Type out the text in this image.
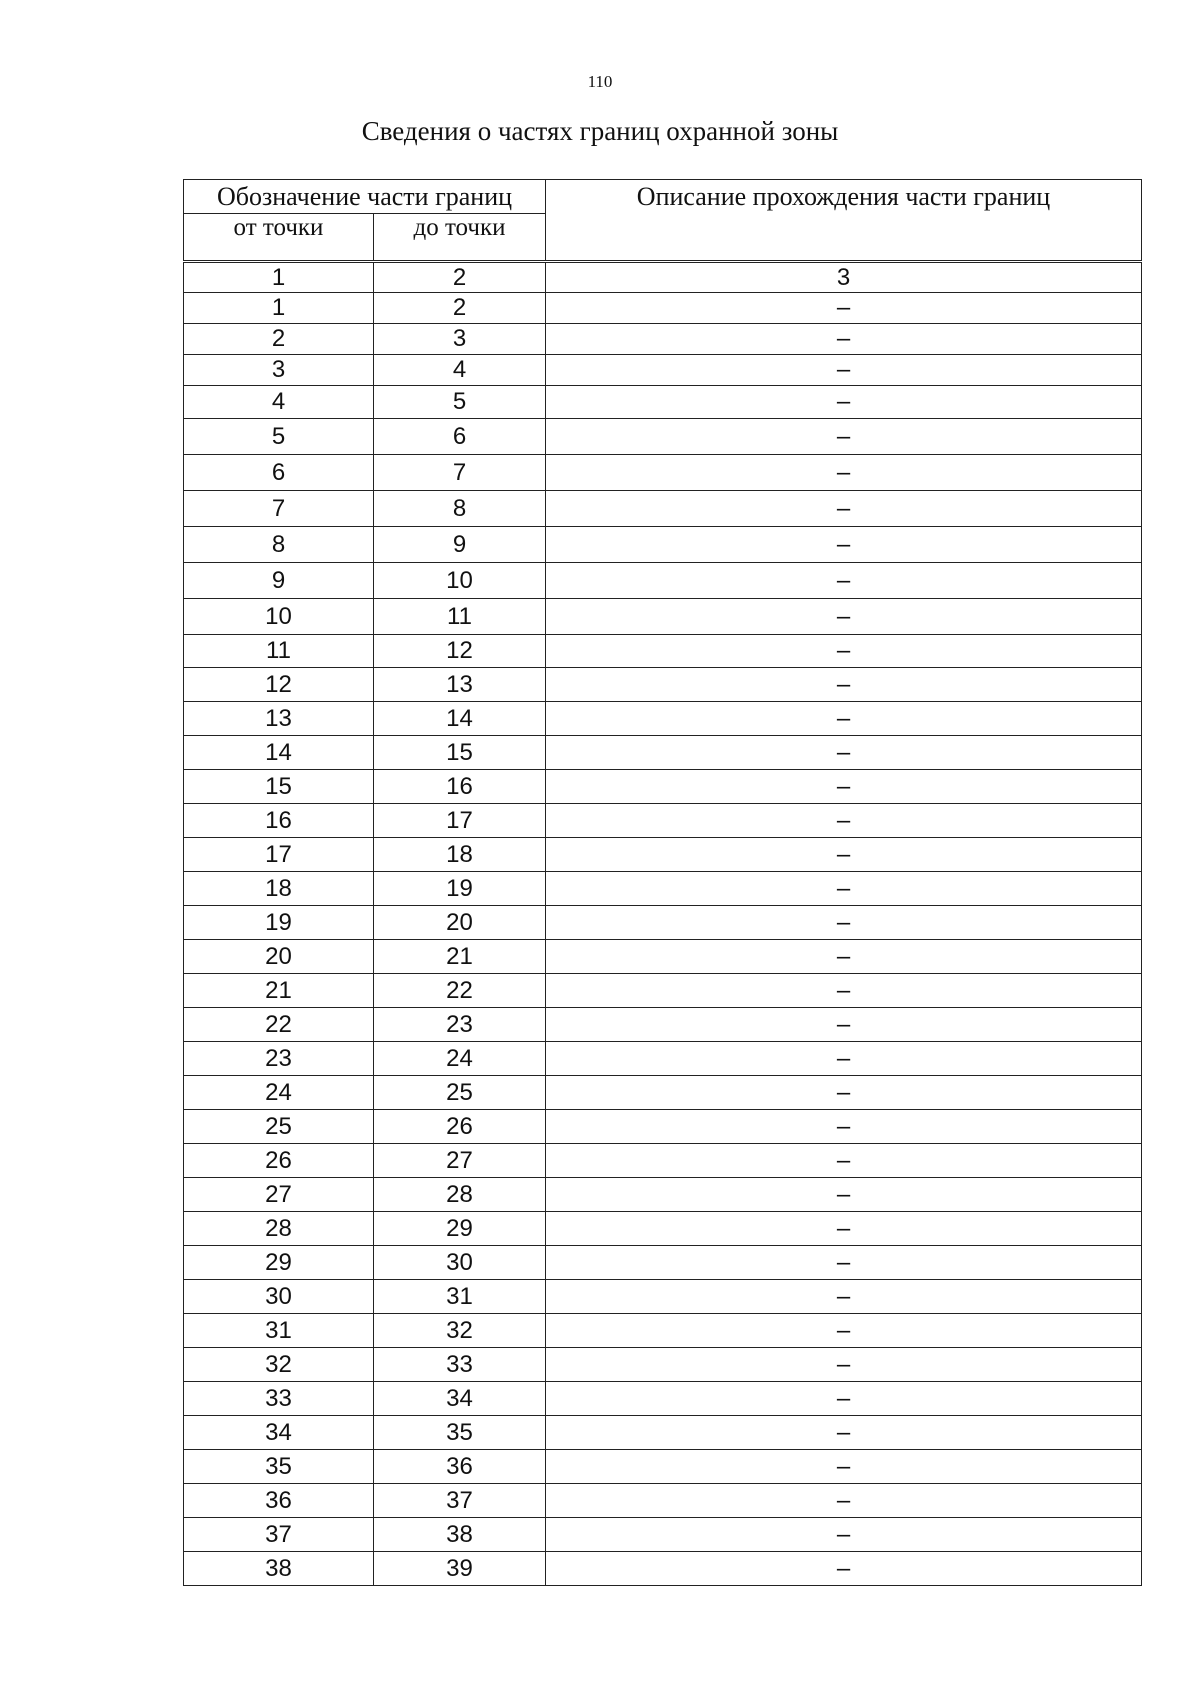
110
Сведения о частях границ охранной зоны
Обозначение части границ		Описание прохождения части границ
от точки	до точки	
1	2	3
1	2	–
2	3	–
3	4	–
4	5	–
5	6	–
6	7	–
7	8	–
8	9	–
9	10	–
10	11	–
11	12	–
12	13	–
13	14	–
14	15	–
15	16	–
16	17	–
17	18	–
18	19	–
19	20	–
20	21	–
21	22	–
22	23	–
23	24	–
24	25	–
25	26	–
26	27	–
27	28	–
28	29	–
29	30	–
30	31	–
31	32	–
32	33	–
33	34	–
34	35	–
35	36	–
36	37	–
37	38	–
38	39	–
